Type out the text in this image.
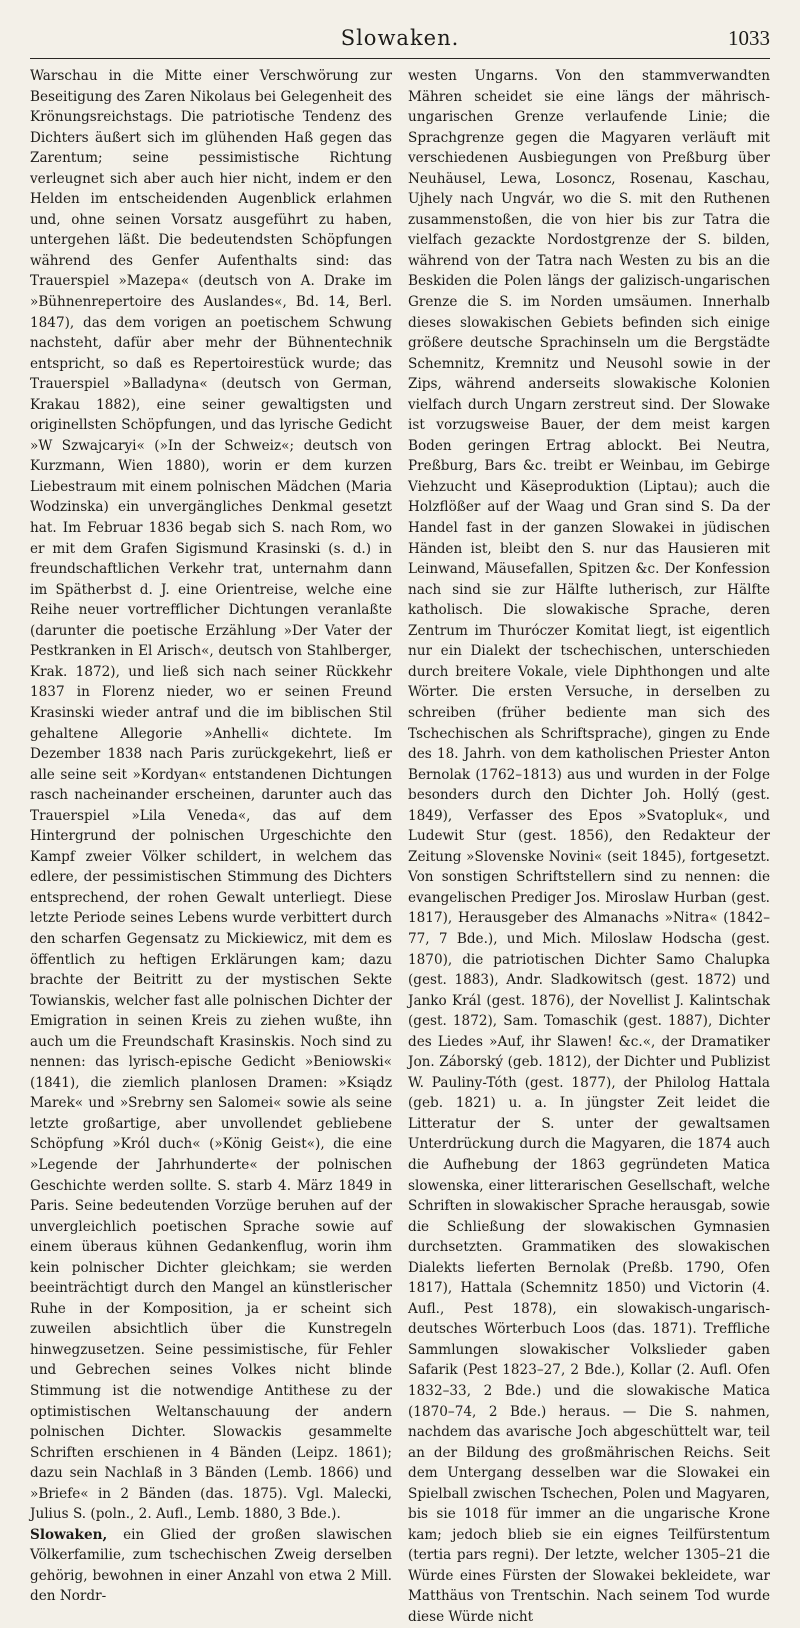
Slowaken.	1033

Warschau in die Mitte einer Verschwörung zur Beseitigung des Zaren Nikolaus bei Gelegenheit des Krönungsreichstags. Die patriotische Tendenz des Dichters äußert sich im glühenden Haß gegen das Zarentum; seine pessimistische Richtung verleugnet sich aber auch hier nicht, indem er den Helden im entscheidenden Augenblick erlahmen und, ohne seinen Vorsatz ausgeführt zu haben, untergehen läßt. Die bedeutendsten Schöpfungen während des Genfer Aufenthalts sind: das Trauerspiel »Mazepa« (deutsch von A. Drake im »Bühnenrepertoire des Auslandes«, Bd. 14, Berl. 1847), das dem vorigen an poetischem Schwung nachsteht, dafür aber mehr der Bühnentechnik entspricht, so daß es Repertoirestück wurde; das Trauerspiel »Balladyna« (deutsch von German, Krakau 1882), eine seiner gewaltigsten und originellsten Schöpfungen, und das lyrische Gedicht »W Szwajcaryi« (»In der Schweiz«; deutsch von Kurzmann, Wien 1880), worin er dem kurzen Liebestraum mit einem polnischen Mädchen (Maria Wodzinska) ein unvergängliches Denkmal gesetzt hat. Im Februar 1836 begab sich S. nach Rom, wo er mit dem Grafen Sigismund Krasinski (s. d.) in freundschaftlichen Verkehr trat, unternahm dann im Spätherbst d. J. eine Orientreise, welche eine Reihe neuer vortrefflicher Dichtungen veranlaßte (darunter die poetische Erzählung »Der Vater der Pestkranken in El Arisch«, deutsch von Stahlberger, Krak. 1872), und ließ sich nach seiner Rückkehr 1837 in Florenz nieder, wo er seinen Freund Krasinski wieder antraf und die im biblischen Stil gehaltene Allegorie »Anhelli« dichtete. Im Dezember 1838 nach Paris zurückgekehrt, ließ er alle seine seit »Kordyan« entstandenen Dichtungen rasch nacheinander erscheinen, darunter auch das Trauerspiel »Lila Veneda«, das auf dem Hintergrund der polnischen Urgeschichte den Kampf zweier Völker schildert, in welchem das edlere, der pessimistischen Stimmung des Dichters entsprechend, der rohen Gewalt unterliegt. Diese letzte Periode seines Lebens wurde verbittert durch den scharfen Gegensatz zu Mickiewicz, mit dem es öffentlich zu heftigen Erklärungen kam; dazu brachte der Beitritt zu der mystischen Sekte Towianskis, welcher fast alle polnischen Dichter der Emigration in seinen Kreis zu ziehen wußte, ihn auch um die Freundschaft Krasinskis. Noch sind zu nennen: das lyrisch-epische Gedicht »Beniowski« (1841), die ziemlich planlosen Dramen: »Ksiądz Marek« und »Srebrny sen Salomei« sowie als seine letzte großartige, aber unvollendet gebliebene Schöpfung »Król duch« (»König Geist«), die eine »Legende der Jahrhunderte« der polnischen Geschichte werden sollte. S. starb 4. März 1849 in Paris. Seine bedeutenden Vorzüge beruhen auf der unvergleichlich poetischen Sprache sowie auf einem überaus kühnen Gedankenflug, worin ihm kein polnischer Dichter gleichkam; sie werden beeinträchtigt durch den Mangel an künstlerischer Ruhe in der Komposition, ja er scheint sich zuweilen absichtlich über die Kunstregeln hinwegzusetzen. Seine pessimistische, für Fehler und Gebrechen seines Volkes nicht blinde Stimmung ist die notwendige Antithese zu der optimistischen Weltanschauung der andern polnischen Dichter. Slowackis gesammelte Schriften erschienen in 4 Bänden (Leipz. 1861); dazu sein Nachlaß in 3 Bänden (Lemb. 1866) und »Briefe« in 2 Bänden (das. 1875). Vgl. Malecki, Julius S. (poln., 2. Aufl., Lemb. 1880, 3 Bde.).

Slowaken, ein Glied der großen slawischen Völkerfamilie, zum tschechischen Zweig derselben gehörig, bewohnen in einer Anzahl von etwa 2 Mill. den Nordr-

westen Ungarns. Von den stammverwandten Mähren scheidet sie eine längs der mährisch-ungarischen Grenze verlaufende Linie; die Sprachgrenze gegen die Magyaren verläuft mit verschiedenen Ausbiegungen von Preßburg über Neuhäusel, Lewa, Losoncz, Rosenau, Kaschau, Ujhely nach Ungvár, wo die S. mit den Ruthenen zusammenstoßen, die von hier bis zur Tatra die vielfach gezackte Nordostgrenze der S. bilden, während von der Tatra nach Westen zu bis an die Beskiden die Polen längs der galizisch-ungarischen Grenze die S. im Norden umsäumen. Innerhalb dieses slowakischen Gebiets befinden sich einige größere deutsche Sprachinseln um die Bergstädte Schemnitz, Kremnitz und Neusohl sowie in der Zips, während anderseits slowakische Kolonien vielfach durch Ungarn zerstreut sind. Der Slowake ist vorzugsweise Bauer, der dem meist kargen Boden geringen Ertrag ablockt. Bei Neutra, Preßburg, Bars &c. treibt er Weinbau, im Gebirge Viehzucht und Käseproduktion (Liptau); auch die Holzflößer auf der Waag und Gran sind S. Da der Handel fast in der ganzen Slowakei in jüdischen Händen ist, bleibt den S. nur das Hausieren mit Leinwand, Mäusefallen, Spitzen &c. Der Konfession nach sind sie zur Hälfte lutherisch, zur Hälfte katholisch. Die slowakische Sprache, deren Zentrum im Thuróczer Komitat liegt, ist eigentlich nur ein Dialekt der tschechischen, unterschieden durch breitere Vokale, viele Diphthongen und alte Wörter. Die ersten Versuche, in derselben zu schreiben (früher bediente man sich des Tschechischen als Schriftsprache), gingen zu Ende des 18. Jahrh. von dem katholischen Priester Anton Bernolak (1762–1813) aus und wurden in der Folge besonders durch den Dichter Joh. Hollý (gest. 1849), Verfasser des Epos »Svatopluk«, und Ludewit Stur (gest. 1856), den Redakteur der Zeitung »Slovenske Novini« (seit 1845), fortgesetzt. Von sonstigen Schriftstellern sind zu nennen: die evangelischen Prediger Jos. Miroslaw Hurban (gest. 1817), Herausgeber des Almanachs »Nitra« (1842–77, 7 Bde.), und Mich. Miloslaw Hodscha (gest. 1870), die patriotischen Dichter Samo Chalupka (gest. 1883), Andr. Sladkowitsch (gest. 1872) und Janko Král (gest. 1876), der Novellist J. Kalintschak (gest. 1872), Sam. Tomaschik (gest. 1887), Dichter des Liedes »Auf, ihr Slawen! &c.«, der Dramatiker Jon. Záborský (geb. 1812), der Dichter und Publizist W. Pauliny-Tóth (gest. 1877), der Philolog Hattala (geb. 1821) u. a. In jüngster Zeit leidet die Litteratur der S. unter der gewaltsamen Unterdrückung durch die Magyaren, die 1874 auch die Aufhebung der 1863 gegründeten Matica slowenska, einer litterarischen Gesellschaft, welche Schriften in slowakischer Sprache herausgab, sowie die Schließung der slowakischen Gymnasien durchsetzten. Grammatiken des slowakischen Dialekts lieferten Bernolak (Preßb. 1790, Ofen 1817), Hattala (Schemnitz 1850) und Victorin (4. Aufl., Pest 1878), ein slowakisch-ungarisch-deutsches Wörterbuch Loos (das. 1871). Treffliche Sammlungen slowakischer Volkslieder gaben Safarik (Pest 1823–27, 2 Bde.), Kollar (2. Aufl. Ofen 1832–33, 2 Bde.) und die slowakische Matica (1870–74, 2 Bde.) heraus. — Die S. nahmen, nachdem das avarische Joch abgeschüttelt war, teil an der Bildung des großmährischen Reichs. Seit dem Untergang desselben war die Slowakei ein Spielball zwischen Tschechen, Polen und Magyaren, bis sie 1018 für immer an die ungarische Krone kam; jedoch blieb sie ein eignes Teilfürstentum (tertia pars regni). Der letzte, welcher 1305–21 die Würde eines Fürsten der Slowakei bekleidete, war Matthäus von Trentschin. Nach seinem Tod wurde diese Würde nicht
